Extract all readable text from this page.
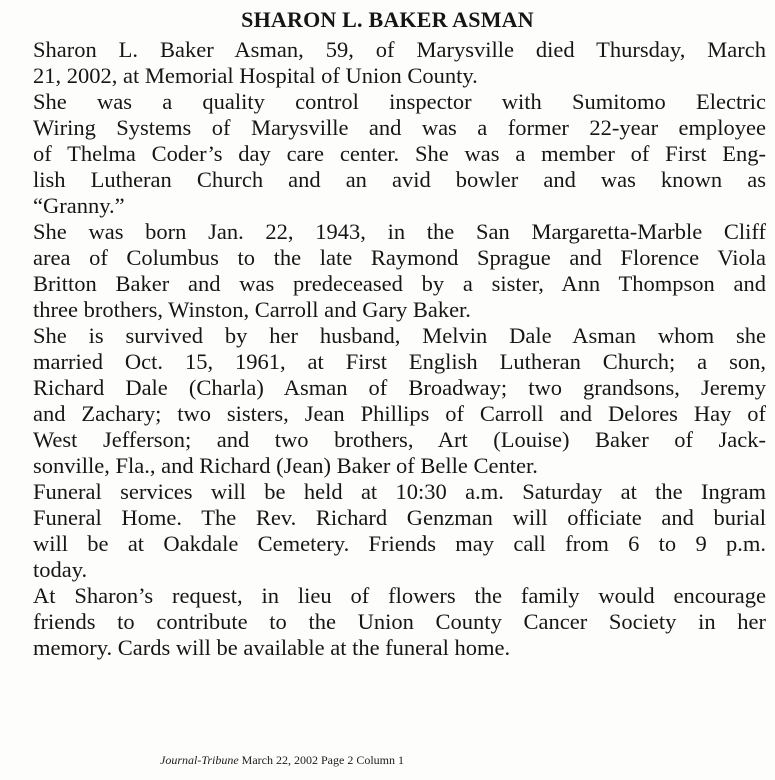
SHARON L. BAKER ASMAN

Sharon L. Baker Asman, 59, of Marysville died Thursday, March
21, 2002, at Memorial Hospital of Union County.

She was a quality control inspector with Sumitomo Electric
Wiring Systems of Marysville and was a former 22-year employee
of Thelma Coder’s day care center. She was a member of First Eng-
lish Lutheran Church and an avid bowler and was known as
“Granny.”

She was born Jan. 22, 1943, in the San Margaretta-Marble Cliff
area of Columbus to the late Raymond Sprague and Florence Viola
Britton Baker and was predeceased by a sister, Ann Thompson and
three brothers, Winston, Carroll and Gary Baker.

She is survived by her husband, Melvin Dale Asman whom she
married Oct. 15, 1961, at First English Lutheran Church; a son,
Richard Dale (Charla) Asman of Broadway; two grandsons, Jeremy
and Zachary; two sisters, Jean Phillips of Carroll and Delores Hay of
West Jefferson; and two brothers, Art (Louise) Baker of Jack-
sonville, Fla., and Richard (Jean) Baker of Belle Center.

Funeral services will be held at 10:30 a.m. Saturday at the Ingram
Funeral Home. The Rev. Richard Genzman will officiate and burial
will be at Oakdale Cemetery. Friends may call from 6 to 9 p.m.
today.

At Sharon’s request, in lieu of flowers the family would encourage
friends to contribute to the Union County Cancer Society in her
memory. Cards will be available at the funeral home.

Journal-Tribune March 22, 2002 Page 2 Column 1
